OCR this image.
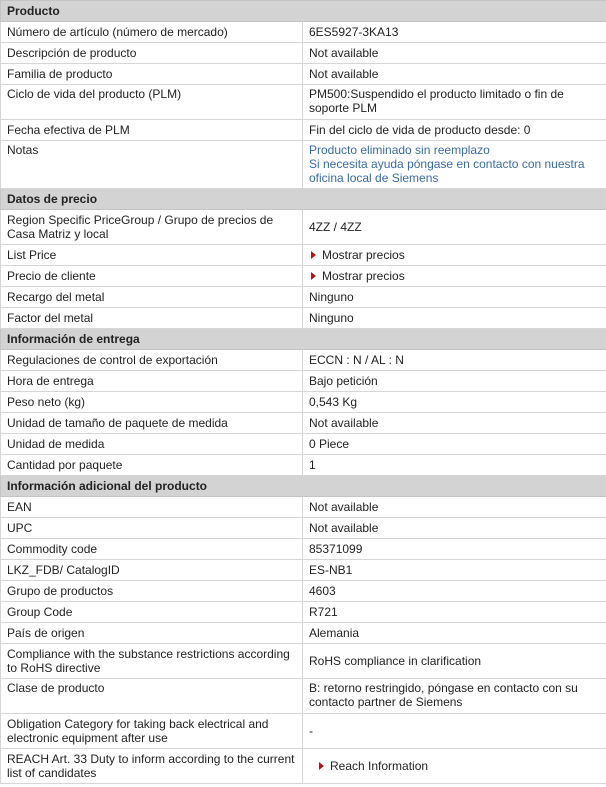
Producto	
Número de artículo (número de mercado)	6ES5927-3KA13
Descripción de producto	Not available
Familia de producto	Not available
Ciclo de vida del producto (PLM)	PM500:Suspendido el producto limitado o fin de soporte PLM
Fecha efectiva de PLM	Fin del ciclo de vida de producto desde: 0
Notas	Producto eliminado sin reemplazo
Si necesita ayuda póngase en contacto con nuestra oficina local de Siemens

Datos de precio	
Region Specific PriceGroup / Grupo de precios de Casa Matriz y local	4ZZ / 4ZZ
List Price	Mostrar precios
Precio de cliente	Mostrar precios
Recargo del metal	Ninguno
Factor del metal	Ninguno
Información de entrega	
Regulaciones de control de exportación	ECCN : N / AL : N
Hora de entrega	Bajo petición
Peso neto (kg)	0,543 Kg
Unidad de tamaño de paquete de medida	Not available
Unidad de medida	0 Piece
Cantidad por paquete	1
Información adicional del producto	
EAN	Not available
UPC	Not available
Commodity code	85371099
LKZ_FDB/ CatalogID	ES-NB1
Grupo de productos	4603
Group Code	R721
País de origen	Alemania
Compliance with the substance restrictions according to RoHS directive	RoHS compliance in clarification
Clase de producto	B: retorno restringido, póngase en contacto con su contacto partner de Siemens
Obligation Category for taking back electrical and electronic equipment after use	-
REACH Art. 33 Duty to inform according to the current list of candidates	Reach Information
